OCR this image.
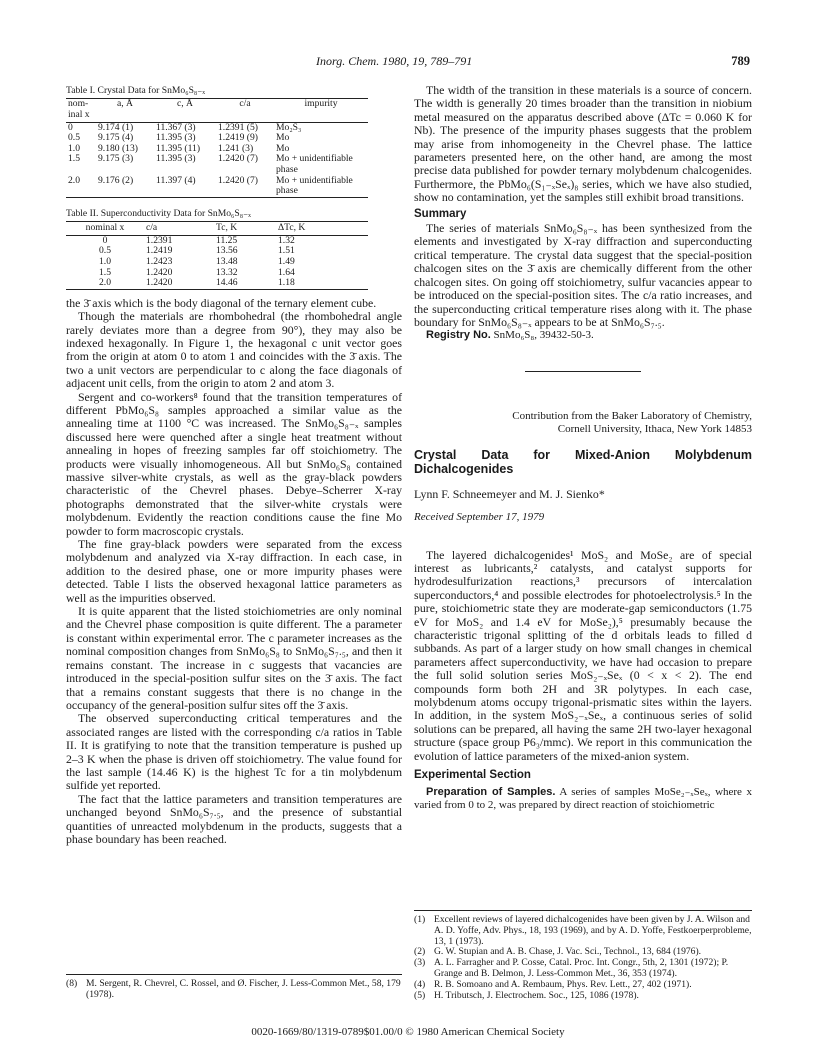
Inorg. Chem. 1980, 19, 789–791	789
Table I. Crystal Data for SnMo₆S₈₋ₓ
nom-inal x	a, Å	c, Å	c/a	impurity
0	9.174 (1)	11.367 (3)	1.2391 (5)	Mo₂S₃
0.5	9.175 (4)	11.395 (3)	1.2419 (9)	Mo
1.0	9.180 (13)	11.395 (11)	1.241 (3)	Mo
1.5	9.175 (3)	11.395 (3)	1.2420 (7)	Mo + unidentifiable phase
2.0	9.176 (2)	11.397 (4)	1.2420 (7)	Mo + unidentifiable phase
Table II. Superconductivity Data for SnMo₆S₈₋ₓ
nominal x	c/a	Tc, K	ΔTc, K
0	1.2391	11.25	1.32
0.5	1.2419	13.56	1.51
1.0	1.2423	13.48	1.49
1.5	1.2420	13.32	1.64
2.0	1.2420	14.46	1.18

the 3̄ axis which is the body diagonal of the ternary element cube.

Though the materials are rhombohedral (the rhombohedral angle rarely deviates more than a degree from 90°), they may also be indexed hexagonally. In Figure 1, the hexagonal c unit vector goes from the origin at atom 0 to atom 1 and coincides with the 3̄ axis. The two a unit vectors are perpendicular to c along the face diagonals of adjacent unit cells, from the origin to atom 2 and atom 3.

Sergent and co-workers⁸ found that the transition temperatures of different PbMo₆S₈ samples approached a similar value as the annealing time at 1100 °C was increased. The SnMo₆S₈₋ₓ samples discussed here were quenched after a single heat treatment without annealing in hopes of freezing samples far off stoichiometry. The products were visually inhomogeneous. All but SnMo₆S₈ contained massive silver-white crystals, as well as the gray-black powders characteristic of the Chevrel phases. Debye–Scherrer X-ray photographs demonstrated that the silver-white crystals were molybdenum. Evidently the reaction conditions cause the fine Mo powder to form macroscopic crystals.

The fine gray-black powders were separated from the excess molybdenum and analyzed via X-ray diffraction. In each case, in addition to the desired phase, one or more impurity phases were detected. Table I lists the observed hexagonal lattice parameters as well as the impurities observed.

It is quite apparent that the listed stoichiometries are only nominal and the Chevrel phase composition is quite different. The a parameter is constant within experimental error. The c parameter increases as the nominal composition changes from SnMo₆S₈ to SnMo₆S₇.₅, and then it remains constant. The increase in c suggests that vacancies are introduced in the special-position sulfur sites on the 3̄ axis. The fact that a remains constant suggests that there is no change in the occupancy of the general-position sulfur sites off the 3̄ axis.

The observed superconducting critical temperatures and the associated ranges are listed with the corresponding c/a ratios in Table II. It is gratifying to note that the transition temperature is pushed up 2–3 K when the phase is driven off stoichiometry. The value found for the last sample (14.46 K) is the highest Tc for a tin molybdenum sulfide yet reported.

The fact that the lattice parameters and transition temperatures are unchanged beyond SnMo₆S₇.₅, and the presence of substantial quantities of unreacted molybdenum in the products, suggests that a phase boundary has been reached.

(8) M. Sergent, R. Chevrel, C. Rossel, and Ø. Fischer, J. Less-Common Met., 58, 179 (1978).

The width of the transition in these materials is a source of concern. The width is generally 20 times broader than the transition in niobium metal measured on the apparatus described above (ΔTc = 0.060 K for Nb). The presence of the impurity phases suggests that the problem may arise from inhomogeneity in the Chevrel phase. The lattice parameters presented here, on the other hand, are among the most precise data published for powder ternary molybdenum chalcogenides. Furthermore, the PbMo₆(S₁₋ₓSeₓ)₈ series, which we have also studied, show no contamination, yet the samples still exhibit broad transitions.

Summary

The series of materials SnMo₆S₈₋ₓ has been synthesized from the elements and investigated by X-ray diffraction and superconducting critical temperature. The crystal data suggest that the special-position chalcogen sites on the 3̄ axis are chemically different from the other chalcogen sites. On going off stoichiometry, sulfur vacancies appear to be introduced on the special-position sites. The c/a ratio increases, and the superconducting critical temperature rises along with it. The phase boundary for SnMo₆S₈₋ₓ appears to be at SnMo₆S₇.₅.

Registry No. SnMo₆S₈, 39432-50-3.
Contribution from the Baker Laboratory of Chemistry,
Cornell University, Ithaca, New York 14853
Crystal Data for Mixed-Anion Molybdenum Dichalcogenides
Lynn F. Schneemeyer and M. J. Sienko*
Received September 17, 1979

The layered dichalcogenides¹ MoS₂ and MoSe₂ are of special interest as lubricants,² catalysts, and catalyst supports for hydrodesulfurization reactions,³ precursors of intercalation superconductors,⁴ and possible electrodes for photoelectrolysis.⁵ In the pure, stoichiometric state they are moderate-gap semiconductors (1.75 eV for MoS₂ and 1.4 eV for MoSe₂),⁵ presumably because the characteristic trigonal splitting of the d orbitals leads to filled d subbands. As part of a larger study on how small changes in chemical parameters affect superconductivity, we have had occasion to prepare the full solid solution series MoS₂₋ₓSeₓ (0 < x < 2). The end compounds form both 2H and 3R polytypes. In each case, molybdenum atoms occupy trigonal-prismatic sites within the layers. In addition, in the system MoS₂₋ₓSeₓ, a continuous series of solid solutions can be prepared, all having the same 2H two-layer hexagonal structure (space group P6₃/mmc). We report in this communication the evolution of lattice parameters of the mixed-anion system.

Experimental Section
Preparation of Samples. A series of samples MoSe₂₋ₓSeₓ, where x varied from 0 to 2, was prepared by direct reaction of stoichiometric
(1) Excellent reviews of layered dichalcogenides have been given by J. A. Wilson and A. D. Yoffe, Adv. Phys., 18, 193 (1969), and by A. D. Yoffe, Festkoerperprobleme, 13, 1 (1973).
(2) G. W. Stupian and A. B. Chase, J. Vac. Sci., Technol., 13, 684 (1976).
(3) A. L. Farragher and P. Cosse, Catal. Proc. Int. Congr., 5th, 2, 1301 (1972); P. Grange and B. Delmon, J. Less-Common Met., 36, 353 (1974).
(4) R. B. Somoano and A. Rembaum, Phys. Rev. Lett., 27, 402 (1971).
(5) H. Tributsch, J. Electrochem. Soc., 125, 1086 (1978).
0020-1669/80/1319-0789$01.00/0 © 1980 American Chemical Society
